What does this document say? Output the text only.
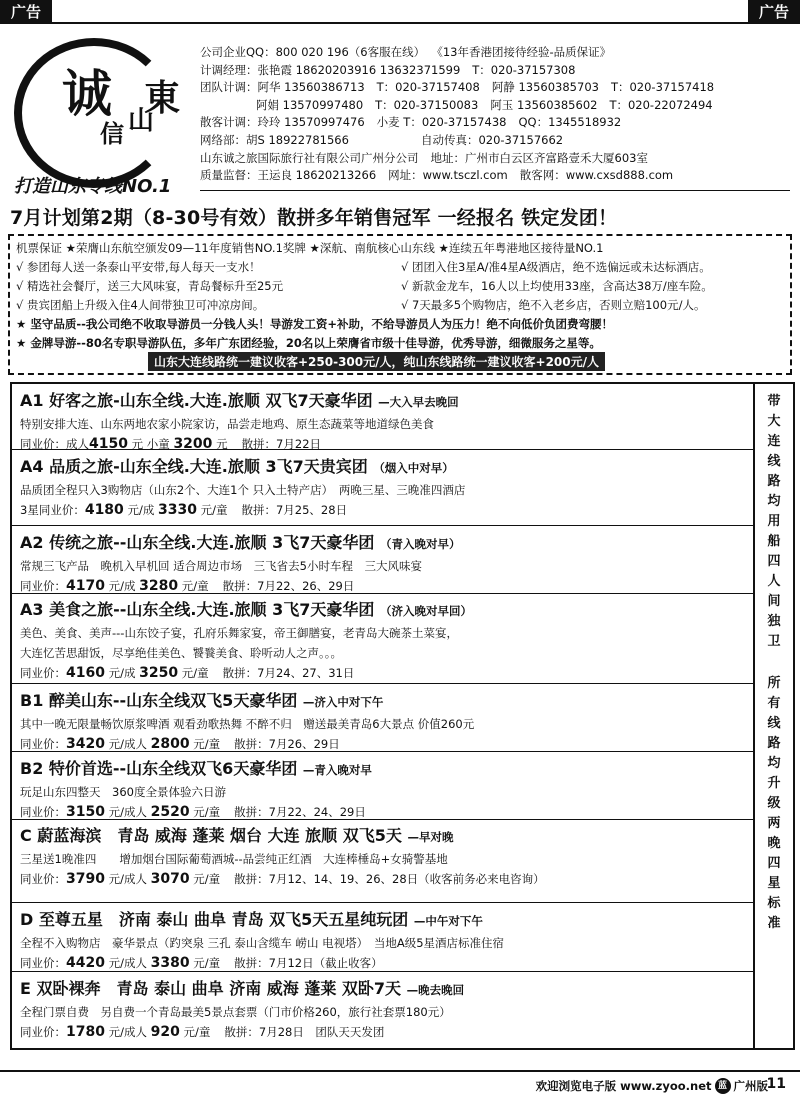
广告	广告
诚
信 山
東
打造山东专线NO.1
公司企业QQ：800 020 196（6客服在线） 《13年香港团接待经验-品质保证》
计调经理：张艳霞 18620203916 13632371599 T：020-37157308
团队计调：阿华 13560386713 T：020-37157408 阿静 13560385703 T：020-37157418
阿娟 13570997480 T：020-37150083 阿玉 13560385602 T：020-22072494
散客计调：玲玲 13570997476 小麦 T：020-37157438 QQ：1345518932
网络部：胡S 18922781566	自动传真：020-37157662
山东诚之旅国际旅行社有限公司广州分公司 地址：广州市白云区齐富路壹禾大厦603室
质量监督：王运良 18620213266 网址：www.tsczl.com 散客网：www.cxsd888.com
7月计划第2期（8-30号有效）散拼多年销售冠军 一经报名 铁定发团！
机票保证 ★荣膺山东航空颁发09—11年度销售NO.1奖牌 ★深航、南航核心山东线 ★连续五年粤港地区接待量NO.1
√ 参团每人送一条泰山平安带,每人每天一支水！	√ 团团入住3星A/准4星A级酒店，绝不选偏远或未达标酒店。
√ 精选社会餐厅，送三大风味宴，青岛餐标升至25元	√ 新款金龙车，16人以上均使用33座，含高达38万/座车险。
√ 贵宾团船上升级入住4人间带独卫可冲凉房间。	√ 7天最多5个购物店，绝不入老乡店，否则立赔100元/人。
★ 坚守品质--我公司绝不收取导游员一分钱人头！导游发工资+补助，不给导游员人为压力！绝不向低价负团费弯腰！
★ 金牌导游--80名专职导游队伍，多年广东团经验，20名以上荣膺省市级十佳导游，优秀导游，细微服务之星等。
山东大连线路统一建议收客+250-300元/人，纯山东线路统一建议收客+200元/人
A1 好客之旅-山东全线.大连.旅顺 双飞7天豪华团 —大入早去晚回
特别安排大连、山东两地农家小院家访，品尝走地鸡、原生态蔬菜等地道绿色美食
同业价：成人4150 元 小童 3200 元 散拼：7月22日
A4 品质之旅-山东全线.大连.旅顺 3飞7天贵宾团 （烟入中对早）
品质团全程只入3购物店（山东2个、大连1个 只入土特产店）　两晚三星、三晚准四酒店
3星同业价：4180 元/成 3330 元/童 散拼：7月25、28日
A2 传统之旅--山东全线.大连.旅顺 3飞7天豪华团 （青入晚对早）
常规三飞产品　晚机入早机回 适合周边市场　三飞省去5小时车程　三大风味宴
同业价：4170 元/成 3280 元/童 散拼：7月22、26、29日
A3 美食之旅--山东全线.大连.旅顺 3飞7天豪华团 （济入晚对早回）
美色、美食、美声---山东饺子宴，孔府乐舞家宴，帝王御膳宴，老青岛大碗茶土菜宴，
大连忆苦思甜饭，尽享绝佳美色、饕餮美食、聆听动人之声。。。
同业价：4160 元/成 3250 元/童 散拼：7月24、27、31日
B1 醉美山东--山东全线双飞5天豪华团 —济入中对下午
其中一晚无限量畅饮原浆啤酒 观看劲歌热舞 不醉不归　赠送最美青岛6大景点 价值260元
同业价：3420 元/成人 2800 元/童 散拼：7月26、29日
B2 特价首选--山东全线双飞6天豪华团 —青入晚对早
玩足山东四整天　360度全景体验六日游
同业价：3150 元/成人 2520 元/童 散拼：7月22、24、29日
C 蔚蓝海滨　青岛 威海 蓬莱 烟台 大连 旅顺 双飞5天 —早对晚
三星送1晚准四　　增加烟台国际葡萄酒城--品尝纯正红酒　大连棒棰岛+女骑警基地
同业价：3790 元/成人 3070 元/童 散拼：7月12、14、19、26、28日（收客前务必来电咨询）
D 至尊五星　济南 泰山 曲阜 青岛 双飞5天五星纯玩团 —中午对下午
全程不入购物店　豪华景点（趵突泉 三孔 泰山含缆车 崂山 电视塔）　当地A级5星酒店标准住宿
同业价：4420 元/成人 3380 元/童 散拼：7月12日（截止收客）
E 双卧裸奔　青岛 泰山 曲阜 济南 威海 蓬莱 双卧7天 —晚去晚回
全程门票自费　另自费一个青岛最美5景点套票（门市价格260，旅行社套票180元）
同业价：1780 元/成人 920 元/童 散拼：7月28日　团队天天发团
带
大
连
线
路
均
用
船
四
人
间
独
卫
所
有
线
路
均
升
级
两
晚
四
星
标
准
欢迎浏览电子版 www.zyoo.net 蓝 广州版
11
